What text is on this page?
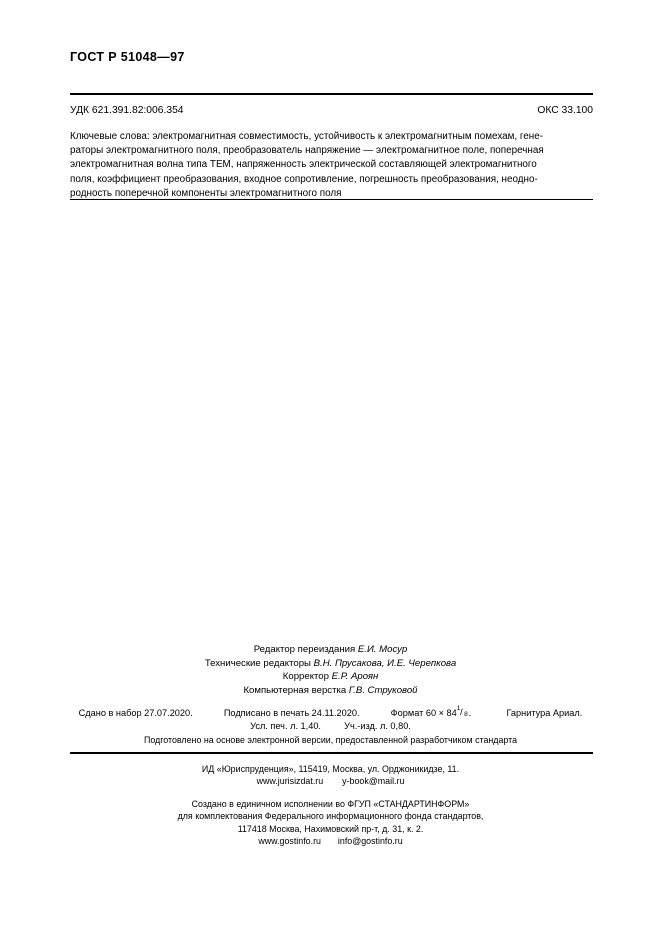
ГОСТ Р 51048—97
УДК 621.391.82:006.354	ОКС 33.100
Ключевые слова: электромагнитная совместимость, устойчивость к электромагнитным помехам, гене-
раторы электромагнитного поля, преобразователь напряжение — электромагнитное поле, поперечная
электромагнитная волна типа ТЕМ, напряженность электрической составляющей электромагнитного
поля, коэффициент преобразования, входное сопротивление, погрешность преобразования, неодно-
родность поперечной компоненты электромагнитного поля
Редактор переиздания Е.И. Мосур
Технические редакторы В.Н. Прусакова, И.Е. Черепкова
Корректор Е.Р. Ароян
Компьютерная верстка Г.В. Струковой
Сдано в набор 27.07.2020.	Подписано в печать 24.11.2020.	Формат 60 × 84 1 / 8 .	Гарнитура Ариал.
Усл. печ. л. 1,40.	Уч.-изд. л. 0,80.
Подготовлено на основе электронной версии, предоставленной разработчиком стандарта
ИД «Юриспруденция», 115419, Москва, ул. Орджоникидзе, 11.
www.jurisizdat.ru y-book@mail.ru
Создано в единичном исполнении во ФГУП «СТАНДАРТИНФОРМ»
для комплектования Федерального информационного фонда стандартов,
117418 Москва, Нахимовский пр-т, д. 31, к. 2.
www.gostinfo.ru info@gostinfo.ru
